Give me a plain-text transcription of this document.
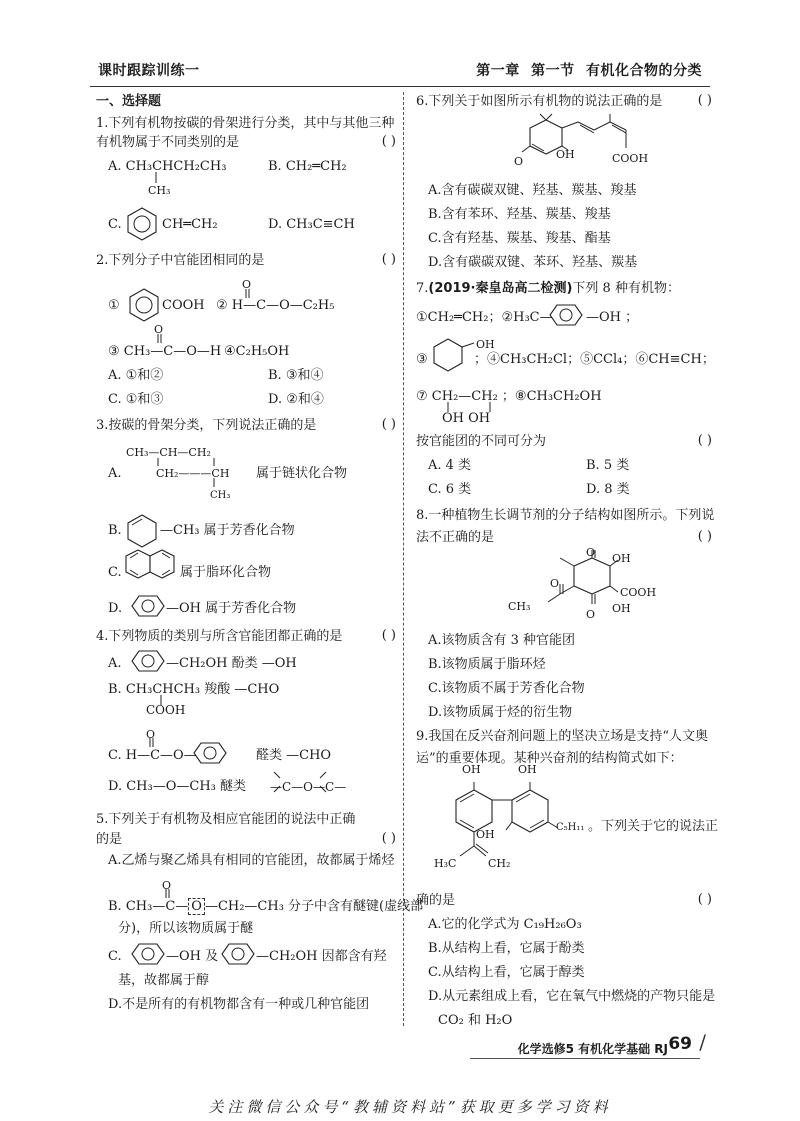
课时跟踪训练一	第一章 第一节 有机化合物的分类
一、选择题
1.下列有机物按碳的骨架进行分类，其中与其他三种
有机物属于不同类别的是	( )
A. CH₃CHCH₂CH₃
CH₃
B. CH₂═CH₂
C.	CH═CH₂	D. CH₃C≡CH
2.下列分子中官能团相同的是	( )
①	COOH
O
② H—C—O—C₂H₅
O
③ CH₃—C—O—H ④C₂H₅OH
A. ①和②	B. ③和④
C. ①和③	D. ②和④
3.按碳的骨架分类，下列说法正确的是	( )
CH₃—CH—CH₂
A.	CH₂———CH
CH₃
属于链状化合物
B.	—CH₃ 属于芳香化合物
C.	属于脂环化合物
D.	—OH 属于芳香化合物
4.下列物质的类别与所含官能团都正确的是	( )
A.	—CH₂OH 酚类 —OH
B. CH₃CHCH₃ 羧酸 —CHO
COOH
O
C. H—C—O—	醛类 —CHO
D. CH₃—O—CH₃ 醚类 —C—O—C—
5.下列关于有机物及相应官能团的说法中正确
的是	( )
A.乙烯与聚乙烯具有相同的官能团，故都属于烯烃
O
B. CH₃—C— O —CH₂—CH₃ 分子中含有醚键(虚线部
分)，所以该物质属于醚
C.	—OH 及	—CH₂OH 因都含有羟
基，故都属于醇
D.不是所有的有机物都含有一种或几种官能团
6.下列关于如图所示有机物的说法正确的是	( )
O
OH	COOH
A.含有碳碳双键、羟基、羰基、羧基
B.含有苯环、羟基、羰基、羧基
C.含有羟基、羰基、羧基、酯基
D.含有碳碳双键、苯环、羟基、羰基
7.(2019·秦皇岛高二检测)下列 8 种有机物：
①CH₂═CH₂；②H₃C—	—OH ；
③
OH
；④CH₃CH₂Cl；⑤CCl₄；⑥CH≡CH；
⑦ CH₂—CH₂ ；⑧CH₃CH₂OH
OH OH
按官能团的不同可分为	( )
A. 4 类	B. 5 类
C. 6 类	D. 8 类
8.一种植物生长调节剂的分子结构如图所示。下列说
法不正确的是	( )
O OH
O
CH₃
COOH
O OH
A.该物质含有 3 种官能团
B.该物质属于脂环烃
C.该物质不属于芳香化合物
D.该物质属于烃的衍生物
9.我国在反兴奋剂问题上的坚决立场是支持“人文奥
运”的重要体现。某种兴奋剂的结构简式如下：
OH	OH
OH
C₅H₁₁
H₃C	CH₂
。下列关于它的说法正
确的是	( )
A.它的化学式为 C₁₉H₂₆O₃
B.从结构上看，它属于酚类
C.从结构上看，它属于醇类
D.从元素组成上看，它在氧气中燃烧的产物只能是
CO₂ 和 H₂O
化学选修5 有机化学基础 RJ 69 /
关注微信公众号“教辅资料站”获取更多学习资料
